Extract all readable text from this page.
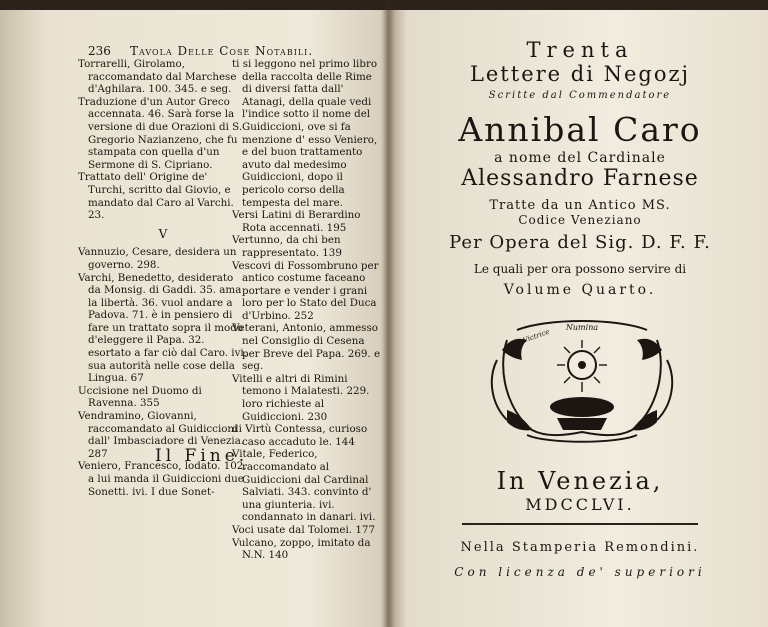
236 Tavola Delle Cose Notabili.
Torrarelli, Girolamo, raccomandato dal Marchese d'Aghilara. 100. 345. e seg.
Traduzione d'un Autor Greco accennata. 46. Sarà forse la versione di due Orazioni di S. Gregorio Nazianzeno, che fu stampata con quella d'un Sermone di S. Cipriano.
Trattato dell' Origine de' Turchi, scritto dal Giovio, e mandato dal Caro al Varchi. 23.
V
Vannuzio, Cesare, desidera un governo. 298.
Varchi, Benedetto, desiderato da Monsig. di Gaddi. 35. ama la libertà. 36. vuol andare a Padova. 71. è in pensiero di fare un trattato sopra il modo d'eleggere il Papa. 32. esortato a far ciò dal Caro. ivi. sua autorità nelle cose della Lingua. 67
Uccisione nel Duomo di Ravenna. 355
Vendramino, Giovanni, raccomandato al Guidiccioni dall' Imbasciadore di Venezia. 287
Veniero, Francesco, lodato. 102. a lui manda il Guidiccioni due Sonetti. ivi. I due Sonet-
ti si leggono nel primo libro della raccolta delle Rime di diversi fatta dall' Atanagi, della quale vedi l'indice sotto il nome del Guidiccioni, ove si fa menzione d' esso Veniero, e del buon trattamento avuto dal medesimo Guidiccioni, dopo il pericolo corso della tempesta del mare.
Versi Latini di Berardino Rota accennati. 195
Vertunno, da chi ben rappresentato. 139
Vescovi di Fossombruno per antico costume faceano portare e vender i grani loro per lo Stato del Duca d'Urbino. 252
Veterani, Antonio, ammesso nel Consiglio di Cesena per Breve del Papa. 269. e seg.
Vitelli e altri di Rimini temono i Malatesti. 229. loro richieste al Guidiccioni. 230
di Virtù Contessa, curioso caso accaduto le. 144
Vitale, Federico, raccomandato al Guidiccioni dal Cardinal Salviati. 343. convinto d' una giunteria. ivi. condannato in danari. ivi.
Voci usate dal Tolomei. 177
Vulcano, zoppo, imitato da N.N. 140
Il Fine.
Trenta
Lettere di Negozj
Scritte dal Commendatore
Annibal Caro
a nome del Cardinale
Alessandro Farnese
Tratte da un Antico MS.
Codice Veneziano
Per Opera del Sig. D. F. F.
Le quali per ora possono servire di
Volume Quarto.
Numina
Victrice
In Venezia,
MDCCLVI.
Nella Stamperia Remondini.
Con licenza de' superiori
